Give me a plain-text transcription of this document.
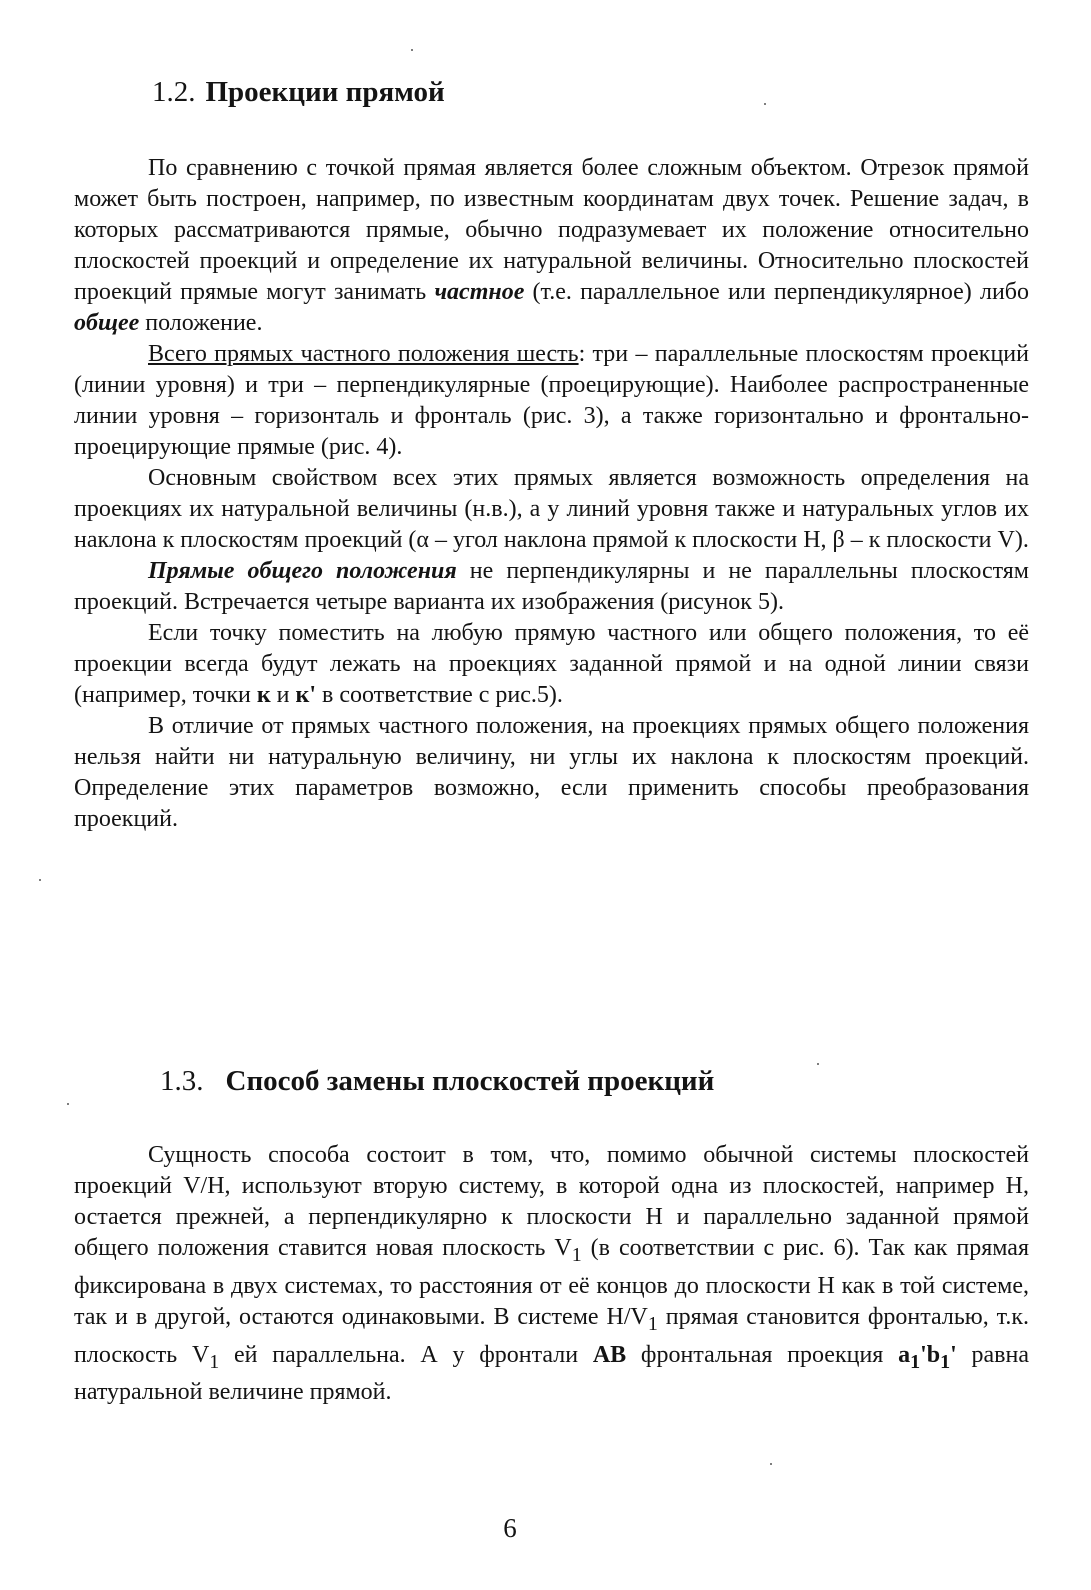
1.2. Проекции прямой

По сравнению с точкой прямая является более сложным объектом. Отрезок прямой может быть построен, например, по известным координатам двух точек. Решение задач, в которых рассматриваются прямые, обычно подразумевает их положение относительно плоскостей проекций и определение их натуральной величины. Относительно плоскостей проекций прямые могут занимать частное (т.е. параллельное или перпендикулярное) либо общее положение.

Всего прямых частного положения шесть: три – параллельные плоскостям проекций (линии уровня) и три – перпендикулярные (проецирующие). Наиболее распространенные линии уровня – горизонталь и фронталь (рис. 3), а также горизонтально и фронтально-проецирующие прямые (рис. 4).

Основным свойством всех этих прямых является возможность определения на проекциях их натуральной величины (н.в.), а у линий уровня также и натуральных углов их наклона к плоскостям проекций (α – угол наклона прямой к плоскости H, β – к плоскости V).

Прямые общего положения не перпендикулярны и не параллельны плоскостям проекций. Встречается четыре варианта их изображения (рисунок 5).

Если точку поместить на любую прямую частного или общего положения, то её проекции всегда будут лежать на проекциях заданной прямой и на одной линии связи (например, точки к и к' в соответствие с рис.5).

В отличие от прямых частного положения, на проекциях прямых общего положения нельзя найти ни натуральную величину, ни углы их наклона к плоскостям проекций. Определение этих параметров возможно, если применить способы преобразования проекций.

1.3. Способ замены плоскостей проекций

Сущность способа состоит в том, что, помимо обычной системы плоскостей проекций V/H, используют вторую систему, в которой одна из плоскостей, например H, остается прежней, а перпендикулярно к плоскости H и параллельно заданной прямой общего положения ставится новая плоскость $V_1$ (в соответствии с рис. 6). Так как прямая фиксирована в двух системах, то расстояния от её концов до плоскости H как в той системе, так и в другой, остаются одинаковыми. В системе $H/V_1$ прямая становится фронталью, т.к. плоскость $V_1$ ей параллельна. А у фронтали AB фронтальная проекция $a_1'b_1'$ равна натуральной величине прямой.

6
